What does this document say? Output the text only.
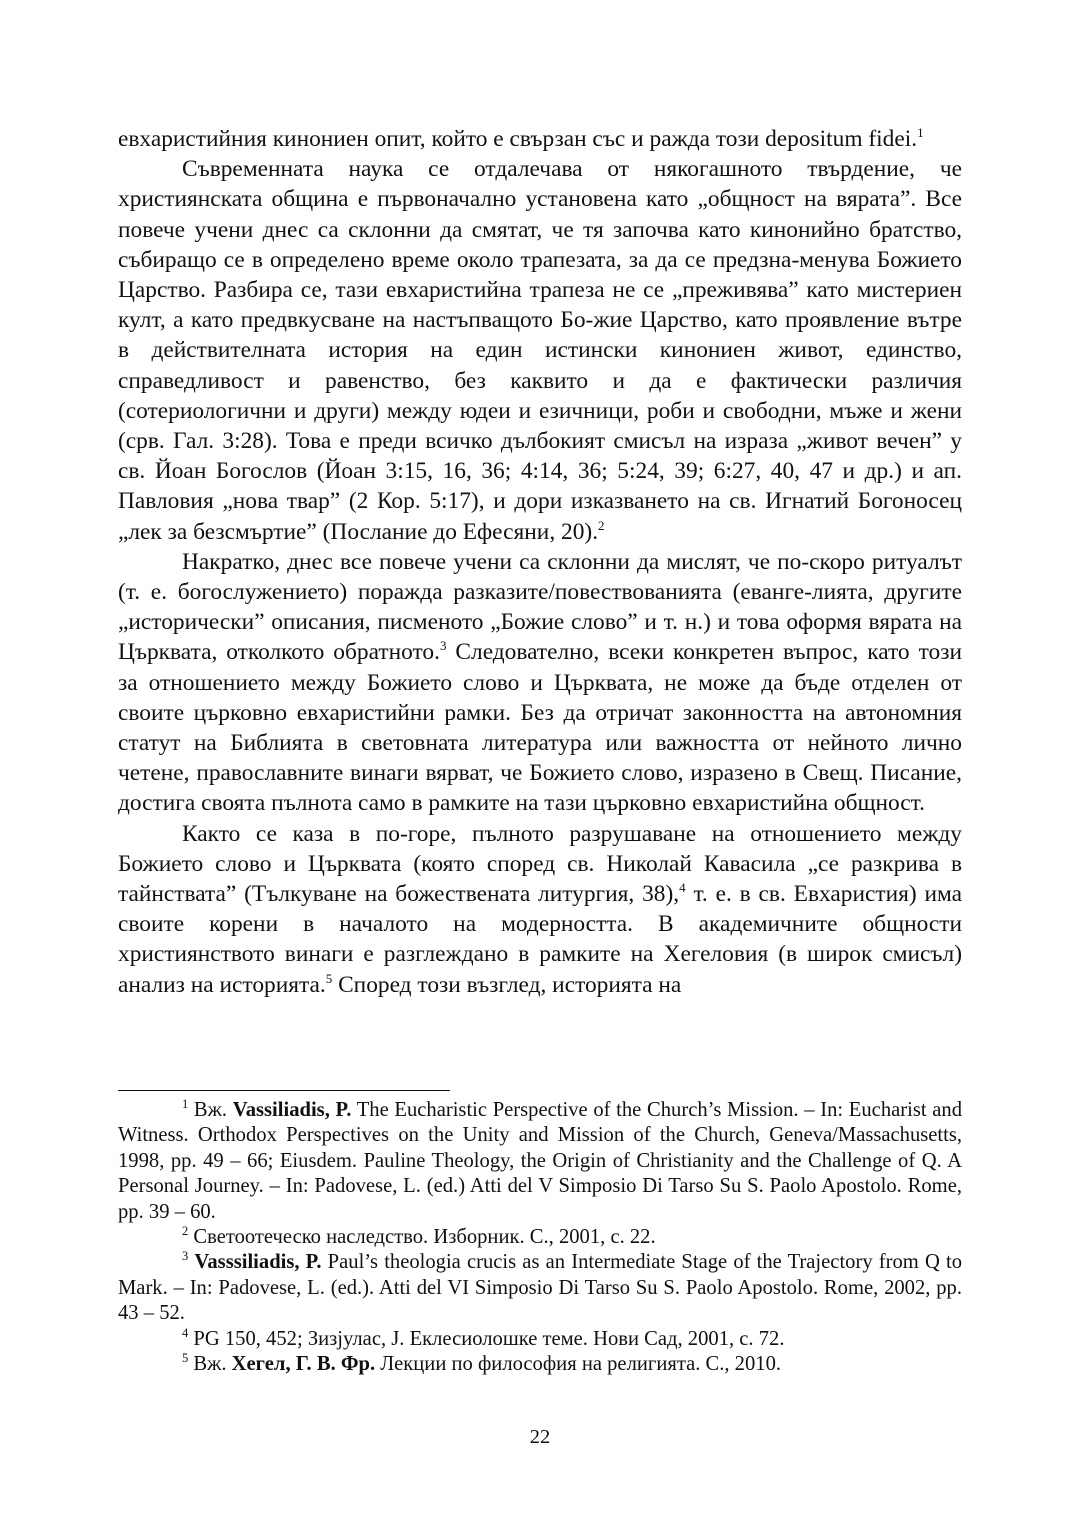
евхаристийния кинониен опит, който е свързан със и ражда този depositum fidei.$^1$

Съвременната наука се отдалечава от някогашното твърдение, че християнската община е първоначално установена като „общност на вярата”. Все повече учени днес са склонни да смятат, че тя започва като кинонийно братство, събиращо се в определено време около трапезата, за да се предзна-менува Божието Царство. Разбира се, тази евхаристийна трапеза не се „преживява” като мистериен култ, а като предвкусване на настъпващото Бо-жие Царство, като проявление вътре в действителната история на един истински кинониен живот, единство, справедливост и равенство, без каквито и да е фактически различия (сотериологични и други) между юдеи и езичници, роби и свободни, мъже и жени (срв. Гал. 3:28). Това е преди всичко дълбокият смисъл на израза „живот вечен” у св. Йоан Богослов (Йоан 3:15, 16, 36; 4:14, 36; 5:24, 39; 6:27, 40, 47 и др.) и ап. Павловия „нова твар” (2 Кор. 5:17), и дори изказването на св. Игнатий Богоносец „лек за безсмъртие” (Послание до Ефесяни, 20).$^2$

Накратко, днес все повече учени са склонни да мислят, че по-скоро ритуалът (т. е. богослужението) поражда разказите/повествованията (еванге-лията, другите „исторически” описания, писменото „Божие слово” и т. н.) и това оформя вярата на Църквата, отколкото обратното.$^3$ Следователно, всеки конкретен въпрос, като този за отношението между Божието слово и Църквата, не може да бъде отделен от своите църковно евхаристийни рамки. Без да отричат законността на автономния статут на Библията в световната литература или важността от нейното лично четене, православните винаги вярват, че Божието слово, изразено в Свещ. Писание, достига своята пълнота само в рамките на тази църковно евхаристийна общност.

Както се каза в по-горе, пълното разрушаване на отношението между Божието слово и Църквата (която според св. Николай Кавасила „се разкрива в тайнствата” (Тълкуване на божествената литургия, 38),$^4$ т. е. в св. Евхаристия) има своите корени в началото на модерността. В академичните общности християнството винаги е разглеждано в рамките на Хегеловия (в широк смисъл) анализ на историята.$^5$ Според този възглед, историята на

$^1$ Вж. Vassiliadis, P. The Eucharistic Perspective of the Church’s Mission. – In: Eucharist and Witness. Orthodox Perspectives on the Unity and Mission of the Church, Geneva/Massachusetts, 1998, pp. 49 – 66; Eiusdem. Pauline Theology, the Origin of Christianity and the Challenge of Q. A Personal Journey. – In: Padovese, L. (ed.) Atti del V Simposio Di Tarso Su S. Paolo Apostolo. Rome, pp. 39 – 60.

$^2$ Светоотеческо наследство. Изборник. С., 2001, с. 22.

$^3$ Vasssiliadis, P. Paul’s theologia crucis as an Intermediate Stage of the Trajectory from Q to Mark. – In: Padovese, L. (ed.). Atti del VI Simposio Di Tarso Su S. Paolo Apostolo. Rome, 2002, pp. 43 – 52.

$^4$ PG 150, 452; Зизјулас, Ј. Еклесиолошке теме. Нови Сад, 2001, с. 72.

$^5$ Вж. Хегел, Г. В. Фр. Лекции по философия на религията. С., 2010.

22
